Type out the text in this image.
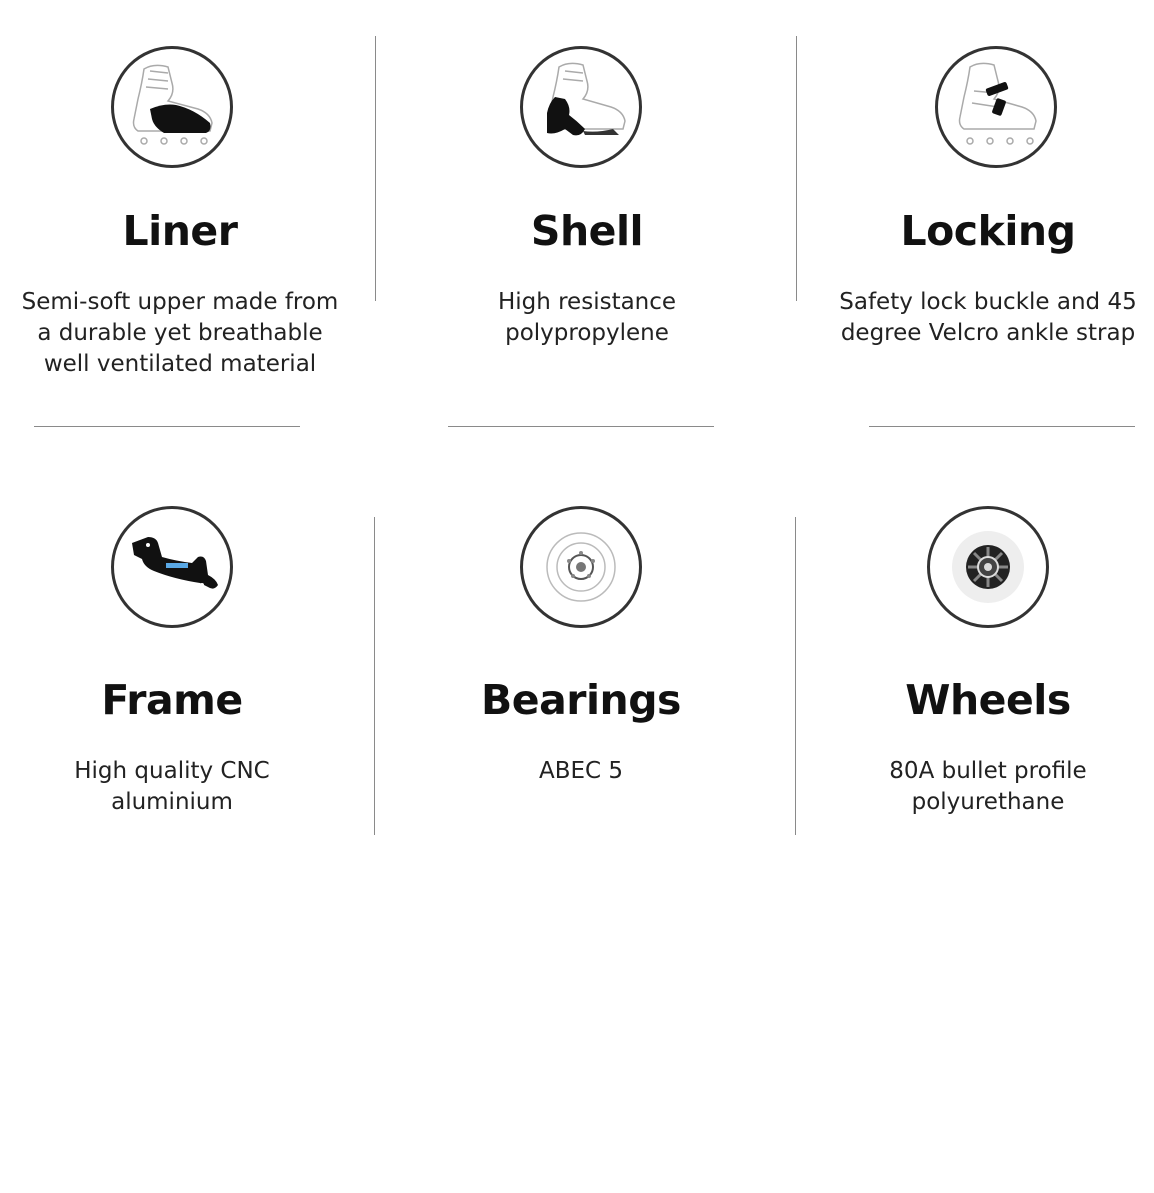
Liner
Semi-soft upper made from
a durable yet breathable
well ventilated material
Shell
High resistance
polypropylene
Locking
Safety lock buckle and 45
degree Velcro ankle strap
Frame
High quality CNC
aluminium
Bearings
ABEC 5
Wheels
80A bullet profile
polyurethane
